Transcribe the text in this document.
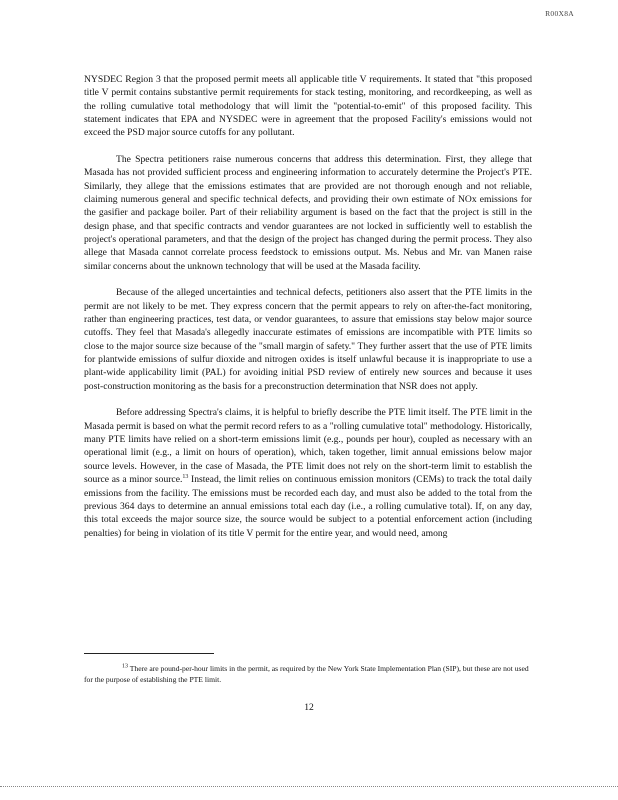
R00X8A

NYSDEC Region 3 that the proposed permit meets all applicable title V requirements. It stated that "this proposed title V permit contains substantive permit requirements for stack testing, monitoring, and recordkeeping, as well as the rolling cumulative total methodology that will limit the "potential-to-emit" of this proposed facility. This statement indicates that EPA and NYSDEC were in agreement that the proposed Facility's emissions would not exceed the PSD major source cutoffs for any pollutant.

The Spectra petitioners raise numerous concerns that address this determination. First, they allege that Masada has not provided sufficient process and engineering information to accurately determine the Project's PTE. Similarly, they allege that the emissions estimates that are provided are not thorough enough and not reliable, claiming numerous general and specific technical defects, and providing their own estimate of NOx emissions for the gasifier and package boiler. Part of their reliability argument is based on the fact that the project is still in the design phase, and that specific contracts and vendor guarantees are not locked in sufficiently well to establish the project's operational parameters, and that the design of the project has changed during the permit process. They also allege that Masada cannot correlate process feedstock to emissions output. Ms. Nebus and Mr. van Manen raise similar concerns about the unknown technology that will be used at the Masada facility.

Because of the alleged uncertainties and technical defects, petitioners also assert that the PTE limits in the permit are not likely to be met. They express concern that the permit appears to rely on after-the-fact monitoring, rather than engineering practices, test data, or vendor guarantees, to assure that emissions stay below major source cutoffs. They feel that Masada's allegedly inaccurate estimates of emissions are incompatible with PTE limits so close to the major source size because of the "small margin of safety." They further assert that the use of PTE limits for plantwide emissions of sulfur dioxide and nitrogen oxides is itself unlawful because it is inappropriate to use a plant-wide applicability limit (PAL) for avoiding initial PSD review of entirely new sources and because it uses post-construction monitoring as the basis for a preconstruction determination that NSR does not apply.

Before addressing Spectra's claims, it is helpful to briefly describe the PTE limit itself. The PTE limit in the Masada permit is based on what the permit record refers to as a "rolling cumulative total" methodology. Historically, many PTE limits have relied on a short-term emissions limit (e.g., pounds per hour), coupled as necessary with an operational limit (e.g., a limit on hours of operation), which, taken together, limit annual emissions below major source levels. However, in the case of Masada, the PTE limit does not rely on the short-term limit to establish the source as a minor source.$^{13}$ Instead, the limit relies on continuous emission monitors (CEMs) to track the total daily emissions from the facility. The emissions must be recorded each day, and must also be added to the total from the previous 364 days to determine an annual emissions total each day (i.e., a rolling cumulative total). If, on any day, this total exceeds the major source size, the source would be subject to a potential enforcement action (including penalties) for being in violation of its title V permit for the entire year, and would need, among

$^{13}$ There are pound-per-hour limits in the permit, as required by the New York State Implementation Plan (SIP), but these are not used for the purpose of establishing the PTE limit.
12
